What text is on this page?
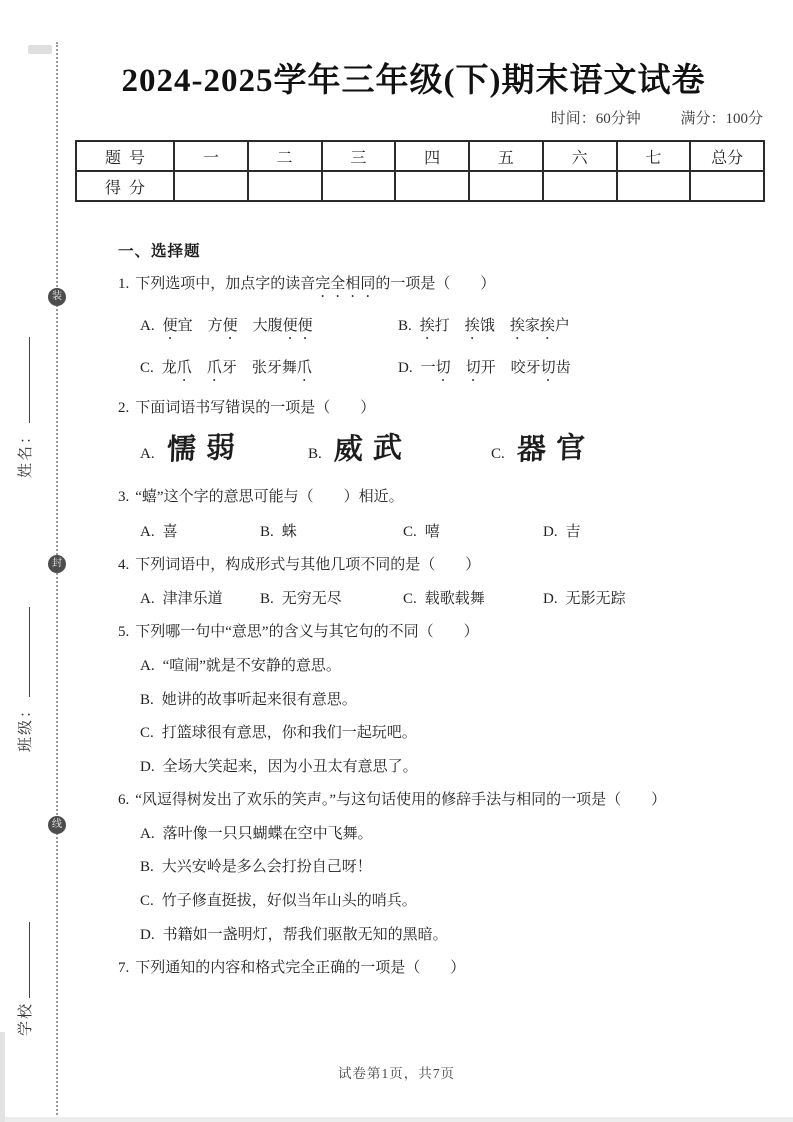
姓名：
班级：
学校
装
封
线
2024-2025学年三年级(下)期末语文试卷
时间：60分钟	满分：100分
题号	一	二	三	四	五	六	七	总分
得分								
一、选择题

1. 下列选项中，加点字的读音完全相同的一项是（　　）

A. 便宜　方便　大腹便便	B. 挨打　挨饿　挨家挨户
C. 龙爪　 爪牙　张牙舞爪	D. 一切　 切开　咬牙切齿

2. 下面词语书写错误的一项是（　　）

A. 懦弱	B. 威武	C. 器官

3. “蟢”这个字的意思可能与（　　）相近。

A. 喜	B. 蛛	C. 嘻	D. 吉

4. 下列词语中，构成形式与其他几项不同的是（　　）

A. 津津乐道	B. 无穷无尽	C. 载歌载舞	D. 无影无踪

5. 下列哪一句中“意思”的含义与其它句的不同（　　）

A. “喧闹”就是不安静的意思。
B. 她讲的故事听起来很有意思。
C. 打篮球很有意思，你和我们一起玩吧。
D. 全场大笑起来，因为小丑太有意思了。

6. “风逗得树发出了欢乐的笑声。”与这句话使用的修辞手法与相同的一项是（　　）

A. 落叶像一只只蝴蝶在空中飞舞。
B. 大兴安岭是多么会打扮自己呀！
C. 竹子修直挺拔，好似当年山头的哨兵。
D. 书籍如一盏明灯，帮我们驱散无知的黑暗。

7. 下列通知的内容和格式完全正确的一项是（　　）

试卷第1页，共7页
